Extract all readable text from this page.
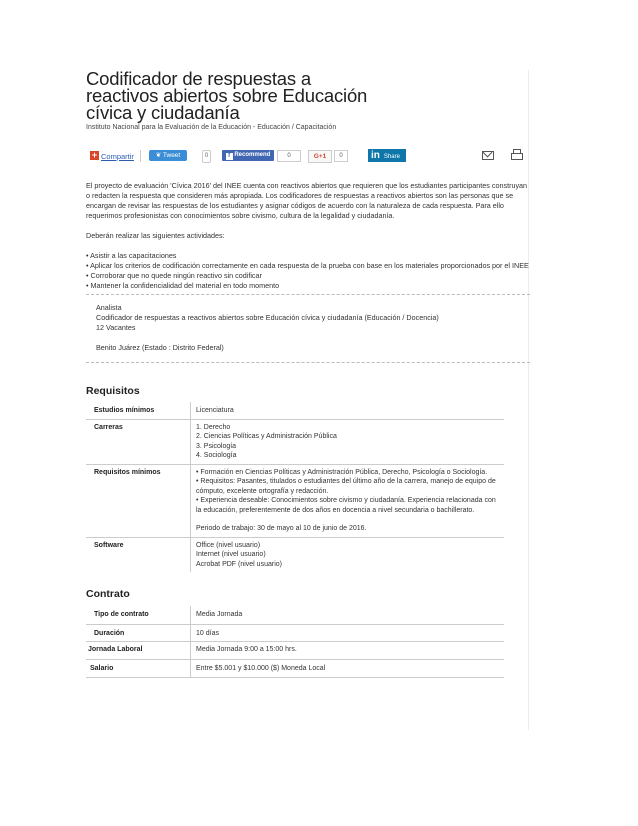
Codificador de respuestas a reactivos abiertos sobre Educación cívica y ciudadanía
Instituto Nacional para la Evaluación de la Educación - Educación / Capacitación
+ Compartir	❦ Tweet	0	f Recommend	0	G+1	0	in Share

El proyecto de evaluación 'Cívica 2016' del INEE cuenta con reactivos abiertos que requieren que los estudiantes participantes construyan o redacten la respuesta que consideren más apropiada. Los codificadores de respuestas a reactivos abiertos son las personas que se encargan de revisar las respuestas de los estudiantes y asignar códigos de acuerdo con la naturaleza de cada respuesta. Para ello requerimos profesionistas con conocimientos sobre civismo, cultura de la legalidad y ciudadanía.

Deberán realizar las siguientes actividades:

• Asistir a las capacitaciones

• Aplicar los criterios de codificación correctamente en cada respuesta de la prueba con base en los materiales proporcionados por el INEE

• Corroborar que no quede ningún reactivo sin codificar

• Mantener la confidencialidad del material en todo momento

Analista

Codificador de respuestas a reactivos abiertos sobre Educación cívica y ciudadanía (Educación / Docencia)

12 Vacantes

Benito Juárez (Estado : Distrito Federal)

Requisitos
Estudios mínimos	Licenciatura
Carreras	1. Derecho
2. Ciencias Políticas y Administración Pública
3. Psicología
4. Sociología

Requisitos mínimos	• Formación en Ciencias Políticas y Administración Pública, Derecho, Psicología o Sociología.
• Requisitos: Pasantes, titulados o estudiantes del último año de la carrera, manejo de equipo de cómputo, excelente ortografía y redacción.
• Experiencia deseable: Conocimientos sobre civismo y ciudadanía. Experiencia relacionada con la educación, preferentemente de dos años en docencia a nivel secundaria o bachillerato.
Periodo de trabajo: 30 de mayo al 10 de junio de 2016.

Software	Office (nivel usuario)
Internet (nivel usuario)
Acrobat PDF (nivel usuario)
Contrato
Tipo de contrato	Media Jornada
Duración	10 días
Jornada Laboral	Media Jornada 9:00 a 15:00 hrs.
Salario	Entre $5.001 y $10.000 ($) Moneda Local
